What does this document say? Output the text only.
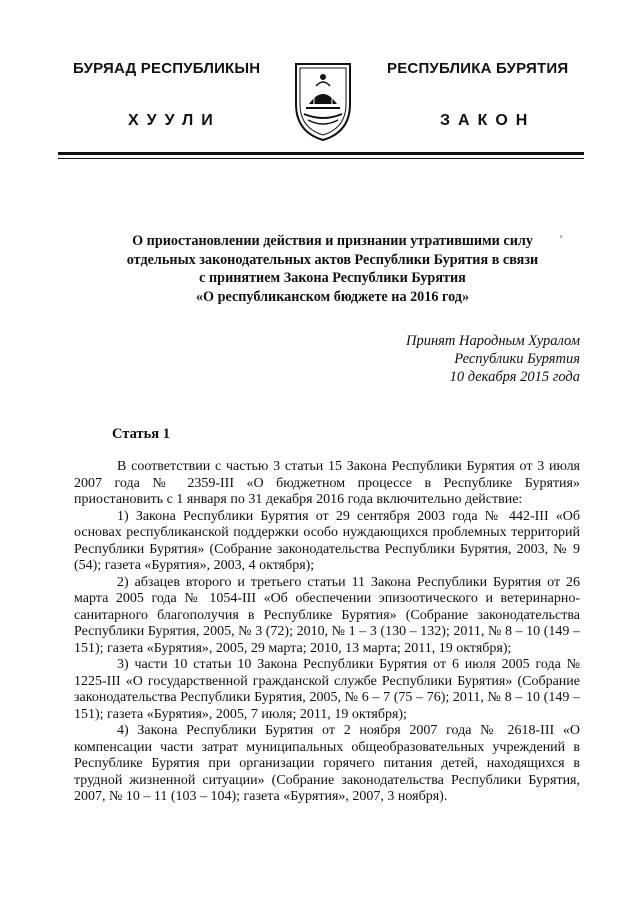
БУРЯАД РЕСПУБЛИКЫН	РЕСПУБЛИКА БУРЯТИЯ
ХУУЛИ	ЗАКОН
О приостановлении действия и признании утратившими силу
отдельных законодательных актов Республики Бурятия в связи
с принятием Закона Республики Бурятия
«О республиканском бюджете на 2016 год»
'
Принят Народным Хуралом
Республики Бурятия
10 декабря 2015 года
Статья 1

В соответствии с частью 3 статьи 15 Закона Республики Бурятия от 3 июля 2007 года № 2359-III «О бюджетном процессе в Республике Бурятия» приостановить с 1 января по 31 декабря 2016 года включительно действие:

1) Закона Республики Бурятия от 29 сентября 2003 года № 442-III «Об основах республиканской поддержки особо нуждающихся проблемных территорий Республики Бурятия» (Собрание законодательства Республики Бурятия, 2003, № 9 (54); газета «Бурятия», 2003, 4 октября);

2) абзацев второго и третьего статьи 11 Закона Республики Бурятия от 26 марта 2005 года № 1054-III «Об обеспечении эпизоотического и ветеринарно-санитарного благополучия в Республике Бурятия» (Собрание законодательства Республики Бурятия, 2005, № 3 (72); 2010, № 1 – 3 (130 – 132); 2011, № 8 – 10 (149 – 151); газета «Бурятия», 2005, 29 марта; 2010, 13 марта; 2011, 19 октября);

3) части 10 статьи 10 Закона Республики Бурятия от 6 июля 2005 года № 1225-III «О государственной гражданской службе Республики Бурятия» (Собрание законодательства Республики Бурятия, 2005, № 6 – 7 (75 – 76); 2011, № 8 – 10 (149 – 151); газета «Бурятия», 2005, 7 июля; 2011, 19 октября);

4) Закона Республики Бурятия от 2 ноября 2007 года № 2618-III «О компенсации части затрат муниципальных общеобразовательных учреждений в Республике Бурятия при организации горячего питания детей, находящихся в трудной жизненной ситуации» (Собрание законодательства Республики Бурятия, 2007, № 10 – 11 (103 – 104); газета «Бурятия», 2007, 3 ноября).
